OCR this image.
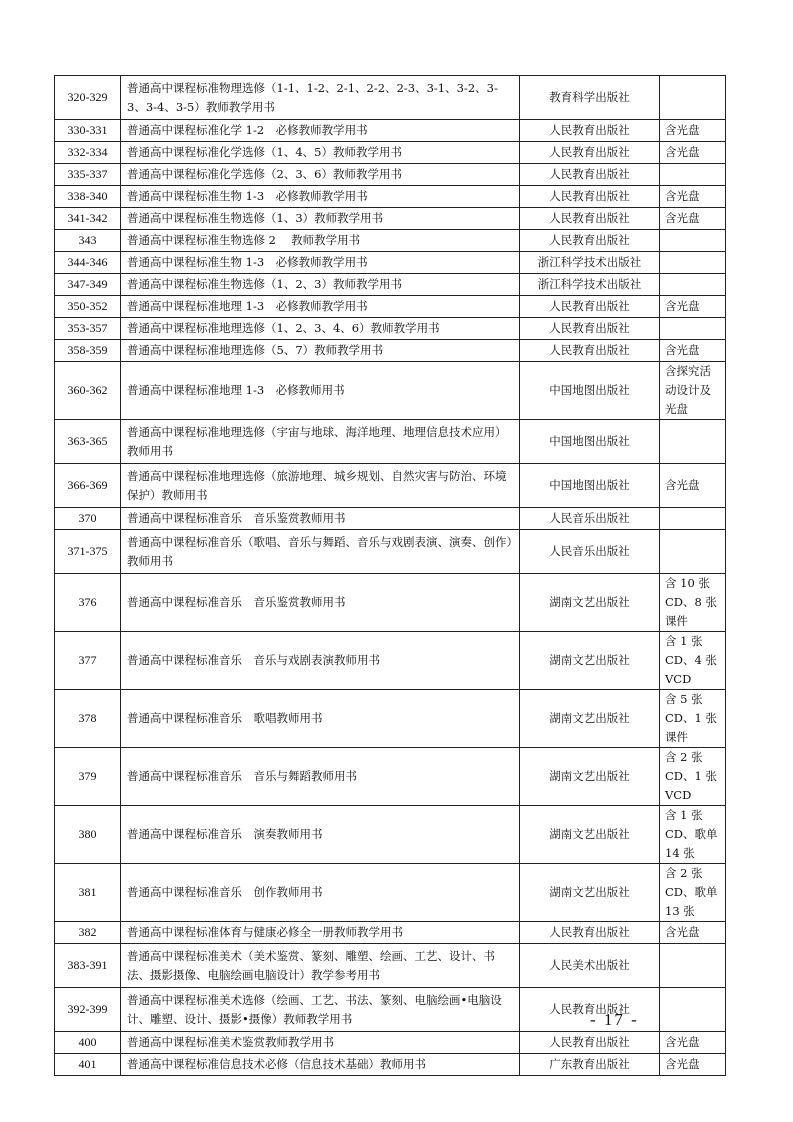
320-329	普通高中课程标准物理选修（1-1、1-2、2-1、2-2、2-3、3-1、3-2、3-3、3-4、3-5）教师教学用书	教育科学出版社	
330-331	普通高中课程标准化学 1-2　必修教师教学用书	人民教育出版社	含光盘
332-334	普通高中课程标准化学选修（1、4、5）教师教学用书	人民教育出版社	含光盘
335-337	普通高中课程标准化学选修（2、3、6）教师教学用书	人民教育出版社	
338-340	普通高中课程标准生物 1-3　必修教师教学用书	人民教育出版社	含光盘
341-342	普通高中课程标准生物选修（1、3）教师教学用书	人民教育出版社	含光盘
343	普通高中课程标准生物选修 2　 教师教学用书	人民教育出版社	
344-346	普通高中课程标准生物 1-3　必修教师教学用书	浙江科学技术出版社	
347-349	普通高中课程标准生物选修（1、2、3）教师教学用书	浙江科学技术出版社	
350-352	普通高中课程标准地理 1-3　必修教师教学用书	人民教育出版社	含光盘
353-357	普通高中课程标准地理选修（1、2、3、4、6）教师教学用书	人民教育出版社	
358-359	普通高中课程标准地理选修（5、7）教师教学用书	人民教育出版社	含光盘
360-362	普通高中课程标准地理 1-3　必修教师用书	中国地图出版社	含探究活动设计及光盘
363-365	普通高中课程标准地理选修（宇宙与地球、海洋地理、地理信息技术应用）教师用书	中国地图出版社	
366-369	普通高中课程标准地理选修（旅游地理、城乡规划、自然灾害与防治、环境保护）教师用书	中国地图出版社	含光盘
370	普通高中课程标准音乐　音乐鉴赏教师用书	人民音乐出版社	
371-375	普通高中课程标准音乐（歌唱、音乐与舞蹈、音乐与戏剧表演、演奏、创作）教师用书	人民音乐出版社	
376	普通高中课程标准音乐　音乐鉴赏教师用书	湖南文艺出版社	含 10 张 CD、8 张课件
377	普通高中课程标准音乐　音乐与戏剧表演教师用书	湖南文艺出版社	含 1 张 CD、4 张 VCD
378	普通高中课程标准音乐　歌唱教师用书	湖南文艺出版社	含 5 张 CD、1 张课件
379	普通高中课程标准音乐　音乐与舞蹈教师用书	湖南文艺出版社	含 2 张 CD、1 张 VCD
380	普通高中课程标准音乐　演奏教师用书	湖南文艺出版社	含 1 张 CD、歌单 14 张
381	普通高中课程标准音乐　创作教师用书	湖南文艺出版社	含 2 张 CD、歌单 13 张
382	普通高中课程标准体育与健康必修全一册教师教学用书	人民教育出版社	含光盘
383-391	普通高中课程标准美术（美术鉴赏、篆刻、雕塑、绘画、工艺、设计、书法、摄影摄像、电脑绘画电脑设计）教学参考用书	人民美术出版社	
392-399	普通高中课程标准美术选修（绘画、工艺、书法、篆刻、电脑绘画•电脑设计、雕塑、设计、摄影•摄像）教师教学用书	人民教育出版社	
400	普通高中课程标准美术鉴赏教师教学用书	人民教育出版社	含光盘
401	普通高中课程标准信息技术必修（信息技术基础）教师用书	广东教育出版社	含光盘
- 17 -
